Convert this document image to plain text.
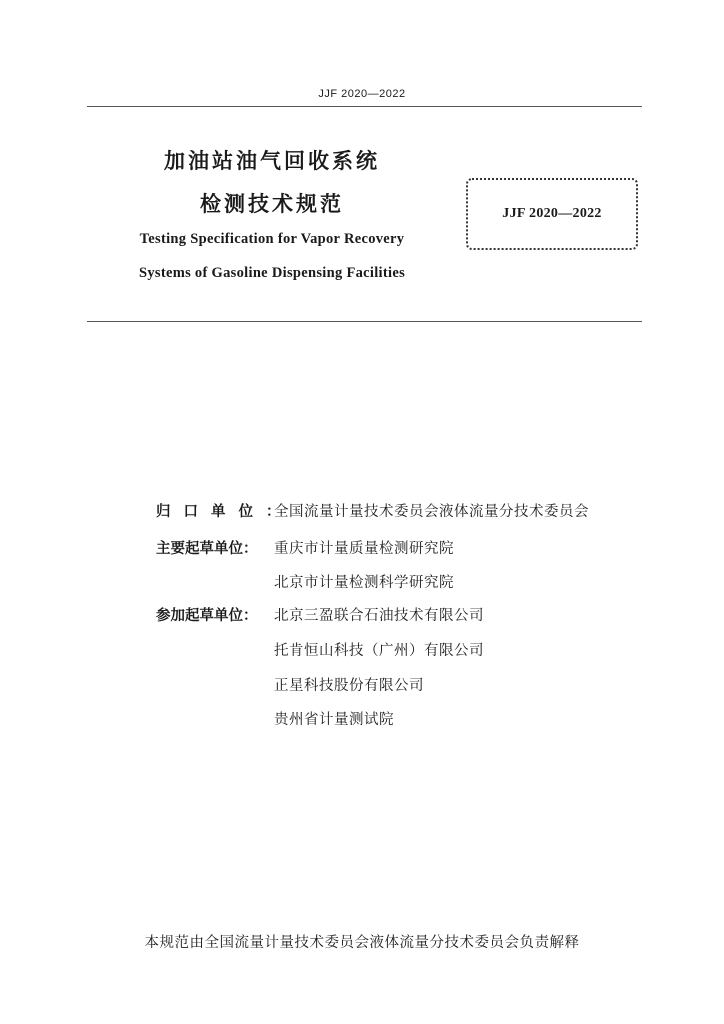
JJF 2020—2022
加油站油气回收系统
检测技术规范
Testing Specification for Vapor Recovery
Systems of Gasoline Dispensing Facilities
JJF 2020—2022
归口单位：全国流量计量技术委员会液体流量分技术委员会
主要起草单位： 重庆市计量质量检测研究院
北京市计量检测科学研究院
参加起草单位： 北京三盈联合石油技术有限公司
托肯恒山科技（广州）有限公司
正星科技股份有限公司
贵州省计量测试院
本规范由全国流量计量技术委员会液体流量分技术委员会负责解释
